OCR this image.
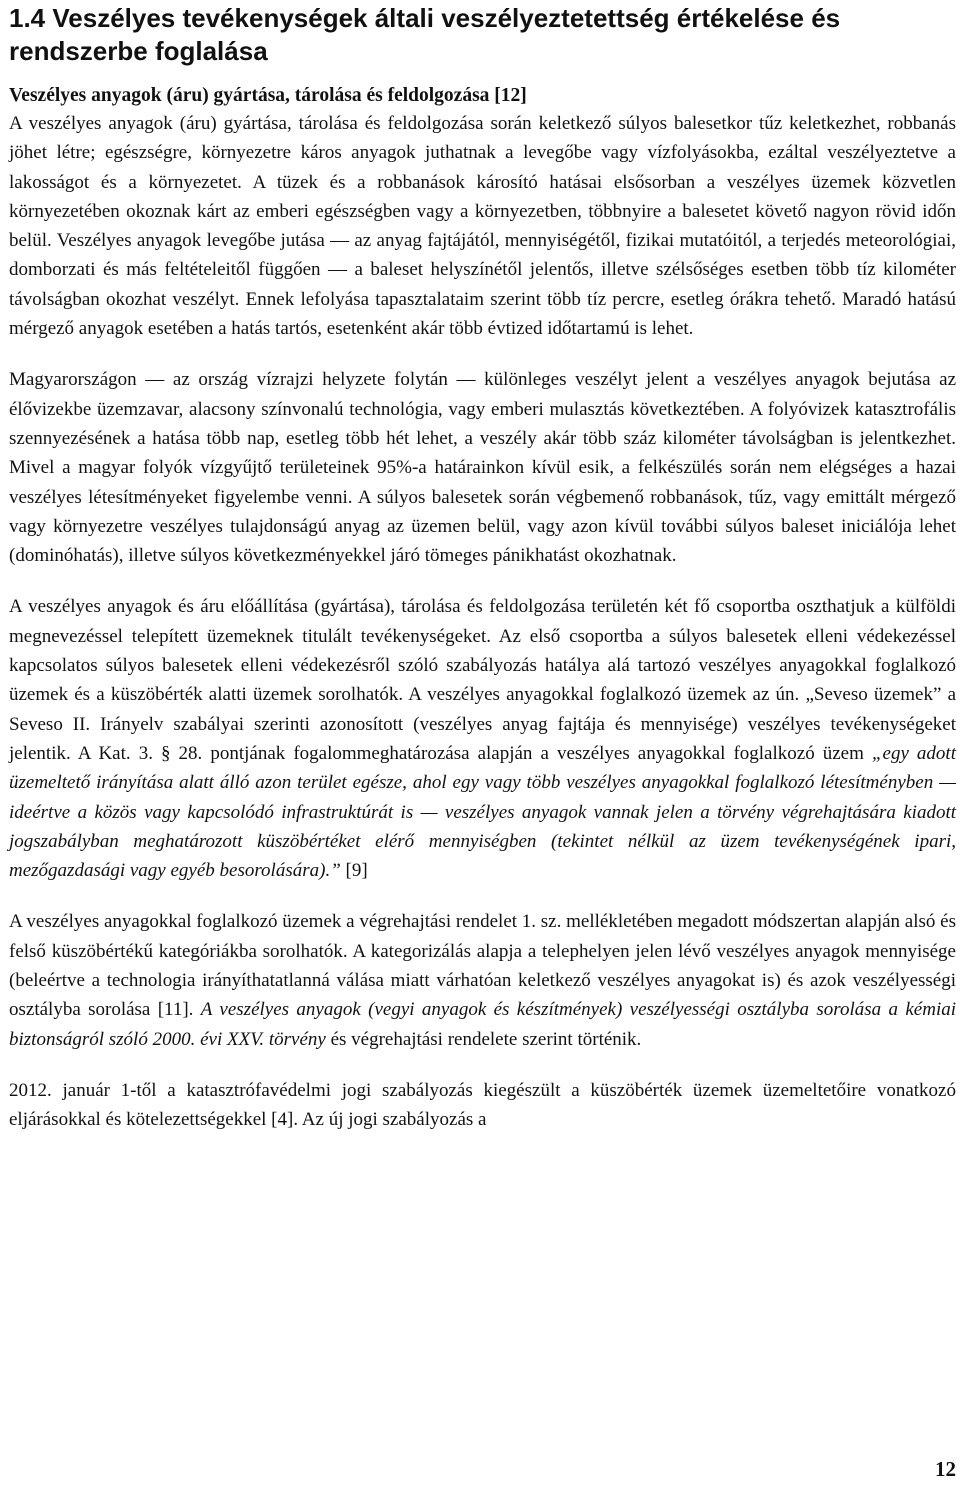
1.4 Veszélyes tevékenységek általi veszélyeztetettség értékelése és rendszerbe foglalása
Veszélyes anyagok (áru) gyártása, tárolása és feldolgozása [12]

A veszélyes anyagok (áru) gyártása, tárolása és feldolgozása során keletkező súlyos balesetkor tűz keletkezhet, robbanás jöhet létre; egészségre, környezetre káros anyagok juthatnak a levegőbe vagy vízfolyásokba, ezáltal veszélyeztetve a lakosságot és a környezetet. A tüzek és a robbanások károsító hatásai elsősorban a veszélyes üzemek közvetlen környezetében okoznak kárt az emberi egészségben vagy a környezetben, többnyire a balesetet követő nagyon rövid időn belül. Veszélyes anyagok levegőbe jutása — az anyag fajtájától, mennyiségétől, fizikai mutatóitól, a terjedés meteorológiai, domborzati és más feltételeitől függően — a baleset helyszínétől jelentős, illetve szélsőséges esetben több tíz kilométer távolságban okozhat veszélyt. Ennek lefolyása tapasztalataim szerint több tíz percre, esetleg órákra tehető. Maradó hatású mérgező anyagok esetében a hatás tartós, esetenként akár több évtized időtartamú is lehet.

Magyarországon — az ország vízrajzi helyzete folytán — különleges veszélyt jelent a veszélyes anyagok bejutása az élővizekbe üzemzavar, alacsony színvonalú technológia, vagy emberi mulasztás következtében. A folyóvizek katasztrofális szennyezésének a hatása több nap, esetleg több hét lehet, a veszély akár több száz kilométer távolságban is jelentkezhet. Mivel a magyar folyók vízgyűjtő területeinek 95%-a határainkon kívül esik, a felkészülés során nem elégséges a hazai veszélyes létesítményeket figyelembe venni. A súlyos balesetek során végbemenő robbanások, tűz, vagy emittált mérgező vagy környezetre veszélyes tulajdonságú anyag az üzemen belül, vagy azon kívül további súlyos baleset iniciálója lehet (dominóhatás), illetve súlyos következményekkel járó tömeges pánikhatást okozhatnak.

A veszélyes anyagok és áru előállítása (gyártása), tárolása és feldolgozása területén két fő csoportba oszthatjuk a külföldi megnevezéssel telepített üzemeknek titulált tevékenységeket. Az első csoportba a súlyos balesetek elleni védekezéssel kapcsolatos súlyos balesetek elleni védekezésről szóló szabályozás hatálya alá tartozó veszélyes anyagokkal foglalkozó üzemek és a küszöbérték alatti üzemek sorolhatók. A veszélyes anyagokkal foglalkozó üzemek az ún. „Seveso üzemek” a Seveso II. Irányelv szabályai szerinti azonosított (veszélyes anyag fajtája és mennyisége) veszélyes tevékenységeket jelentik. A Kat. 3. § 28. pontjának fogalommeghatározása alapján a veszélyes anyagokkal foglalkozó üzem „egy adott üzemeltető irányítása alatt álló azon terület egésze, ahol egy vagy több veszélyes anyagokkal foglalkozó létesítményben — ideértve a közös vagy kapcsolódó infrastruktúrát is — veszélyes anyagok vannak jelen a törvény végrehajtására kiadott jogszabályban meghatározott küszöbértéket elérő mennyiségben (tekintet nélkül az üzem tevékenységének ipari, mezőgazdasági vagy egyéb besorolására).” [9]

A veszélyes anyagokkal foglalkozó üzemek a végrehajtási rendelet 1. sz. mellékletében megadott módszertan alapján alsó és felső küszöbértékű kategóriákba sorolhatók. A kategorizálás alapja a telephelyen jelen lévő veszélyes anyagok mennyisége (beleértve a technologia irányíthatatlanná válása miatt várhatóan keletkező veszélyes anyagokat is) és azok veszélyességi osztályba sorolása [11]. A veszélyes anyagok (vegyi anyagok és készítmények) veszélyességi osztályba sorolása a kémiai biztonságról szóló 2000. évi XXV. törvény és végrehajtási rendelete szerint történik.

2012. január 1-től a katasztrófavédelmi jogi szabályozás kiegészült a küszöbérték üzemek üzemeltetőire vonatkozó eljárásokkal és kötelezettségekkel [4]. Az új jogi szabályozás a

12
